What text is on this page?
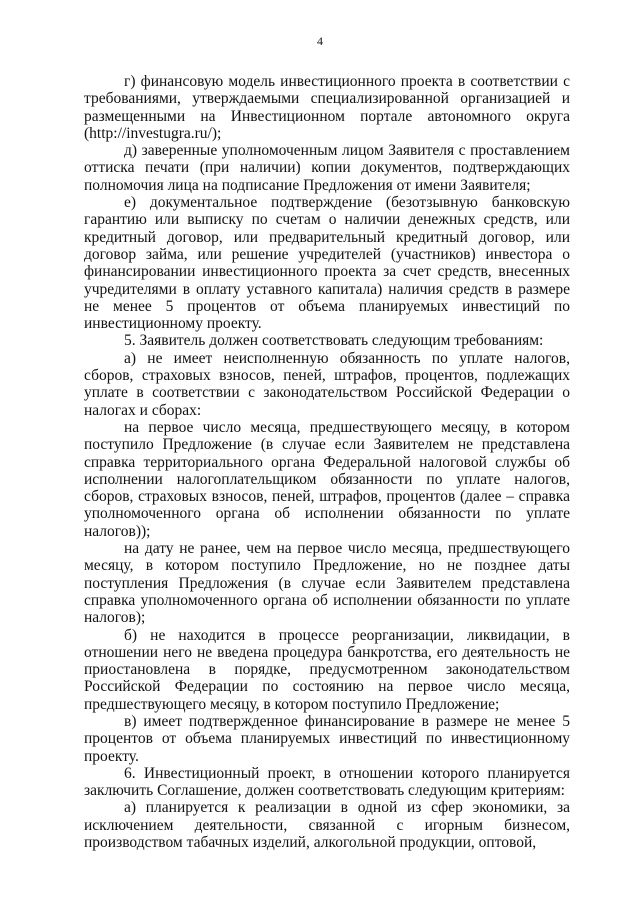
4

г) финансовую модель инвестиционного проекта в соответствии с требованиями, утверждаемыми специализированной организацией и размещенными на Инвестиционном портале автономного округа (http://investugra.ru/);

д) заверенные уполномоченным лицом Заявителя с проставлением оттиска печати (при наличии) копии документов, подтверждающих полномочия лица на подписание Предложения от имени Заявителя;

е) документальное подтверждение (безотзывную банковскую гарантию или выписку по счетам о наличии денежных средств, или кредитный договор, или предварительный кредитный договор, или договор займа, или решение учредителей (участников) инвестора о финансировании инвестиционного проекта за счет средств, внесенных учредителями в оплату уставного капитала) наличия средств в размере не менее 5 процентов от объема планируемых инвестиций по инвестиционному проекту.

5. Заявитель должен соответствовать следующим требованиям:

а) не имеет неисполненную обязанность по уплате налогов, сборов, страховых взносов, пеней, штрафов, процентов, подлежащих уплате в соответствии с законодательством Российской Федерации о налогах и сборах:

на первое число месяца, предшествующего месяцу, в котором поступило Предложение (в случае если Заявителем не представлена справка территориального органа Федеральной налоговой службы об исполнении налогоплательщиком обязанности по уплате налогов, сборов, страховых взносов, пеней, штрафов, процентов (далее – справка уполномоченного органа об исполнении обязанности по уплате налогов));

на дату не ранее, чем на первое число месяца, предшествующего месяцу, в котором поступило Предложение, но не позднее даты поступления Предложения (в случае если Заявителем представлена справка уполномоченного органа об исполнении обязанности по уплате налогов);

б) не находится в процессе реорганизации, ликвидации, в отношении него не введена процедура банкротства, его деятельность не приостановлена в порядке, предусмотренном законодательством Российской Федерации по состоянию на первое число месяца, предшествующего месяцу, в котором поступило Предложение;

в) имеет подтвержденное финансирование в размере не менее 5 процентов от объема планируемых инвестиций по инвестиционному проекту.

6. Инвестиционный проект, в отношении которого планируется заключить Соглашение, должен соответствовать следующим критериям:

а) планируется к реализации в одной из сфер экономики, за исключением деятельности, связанной с игорным бизнесом, производством табачных изделий, алкогольной продукции, оптовой,
